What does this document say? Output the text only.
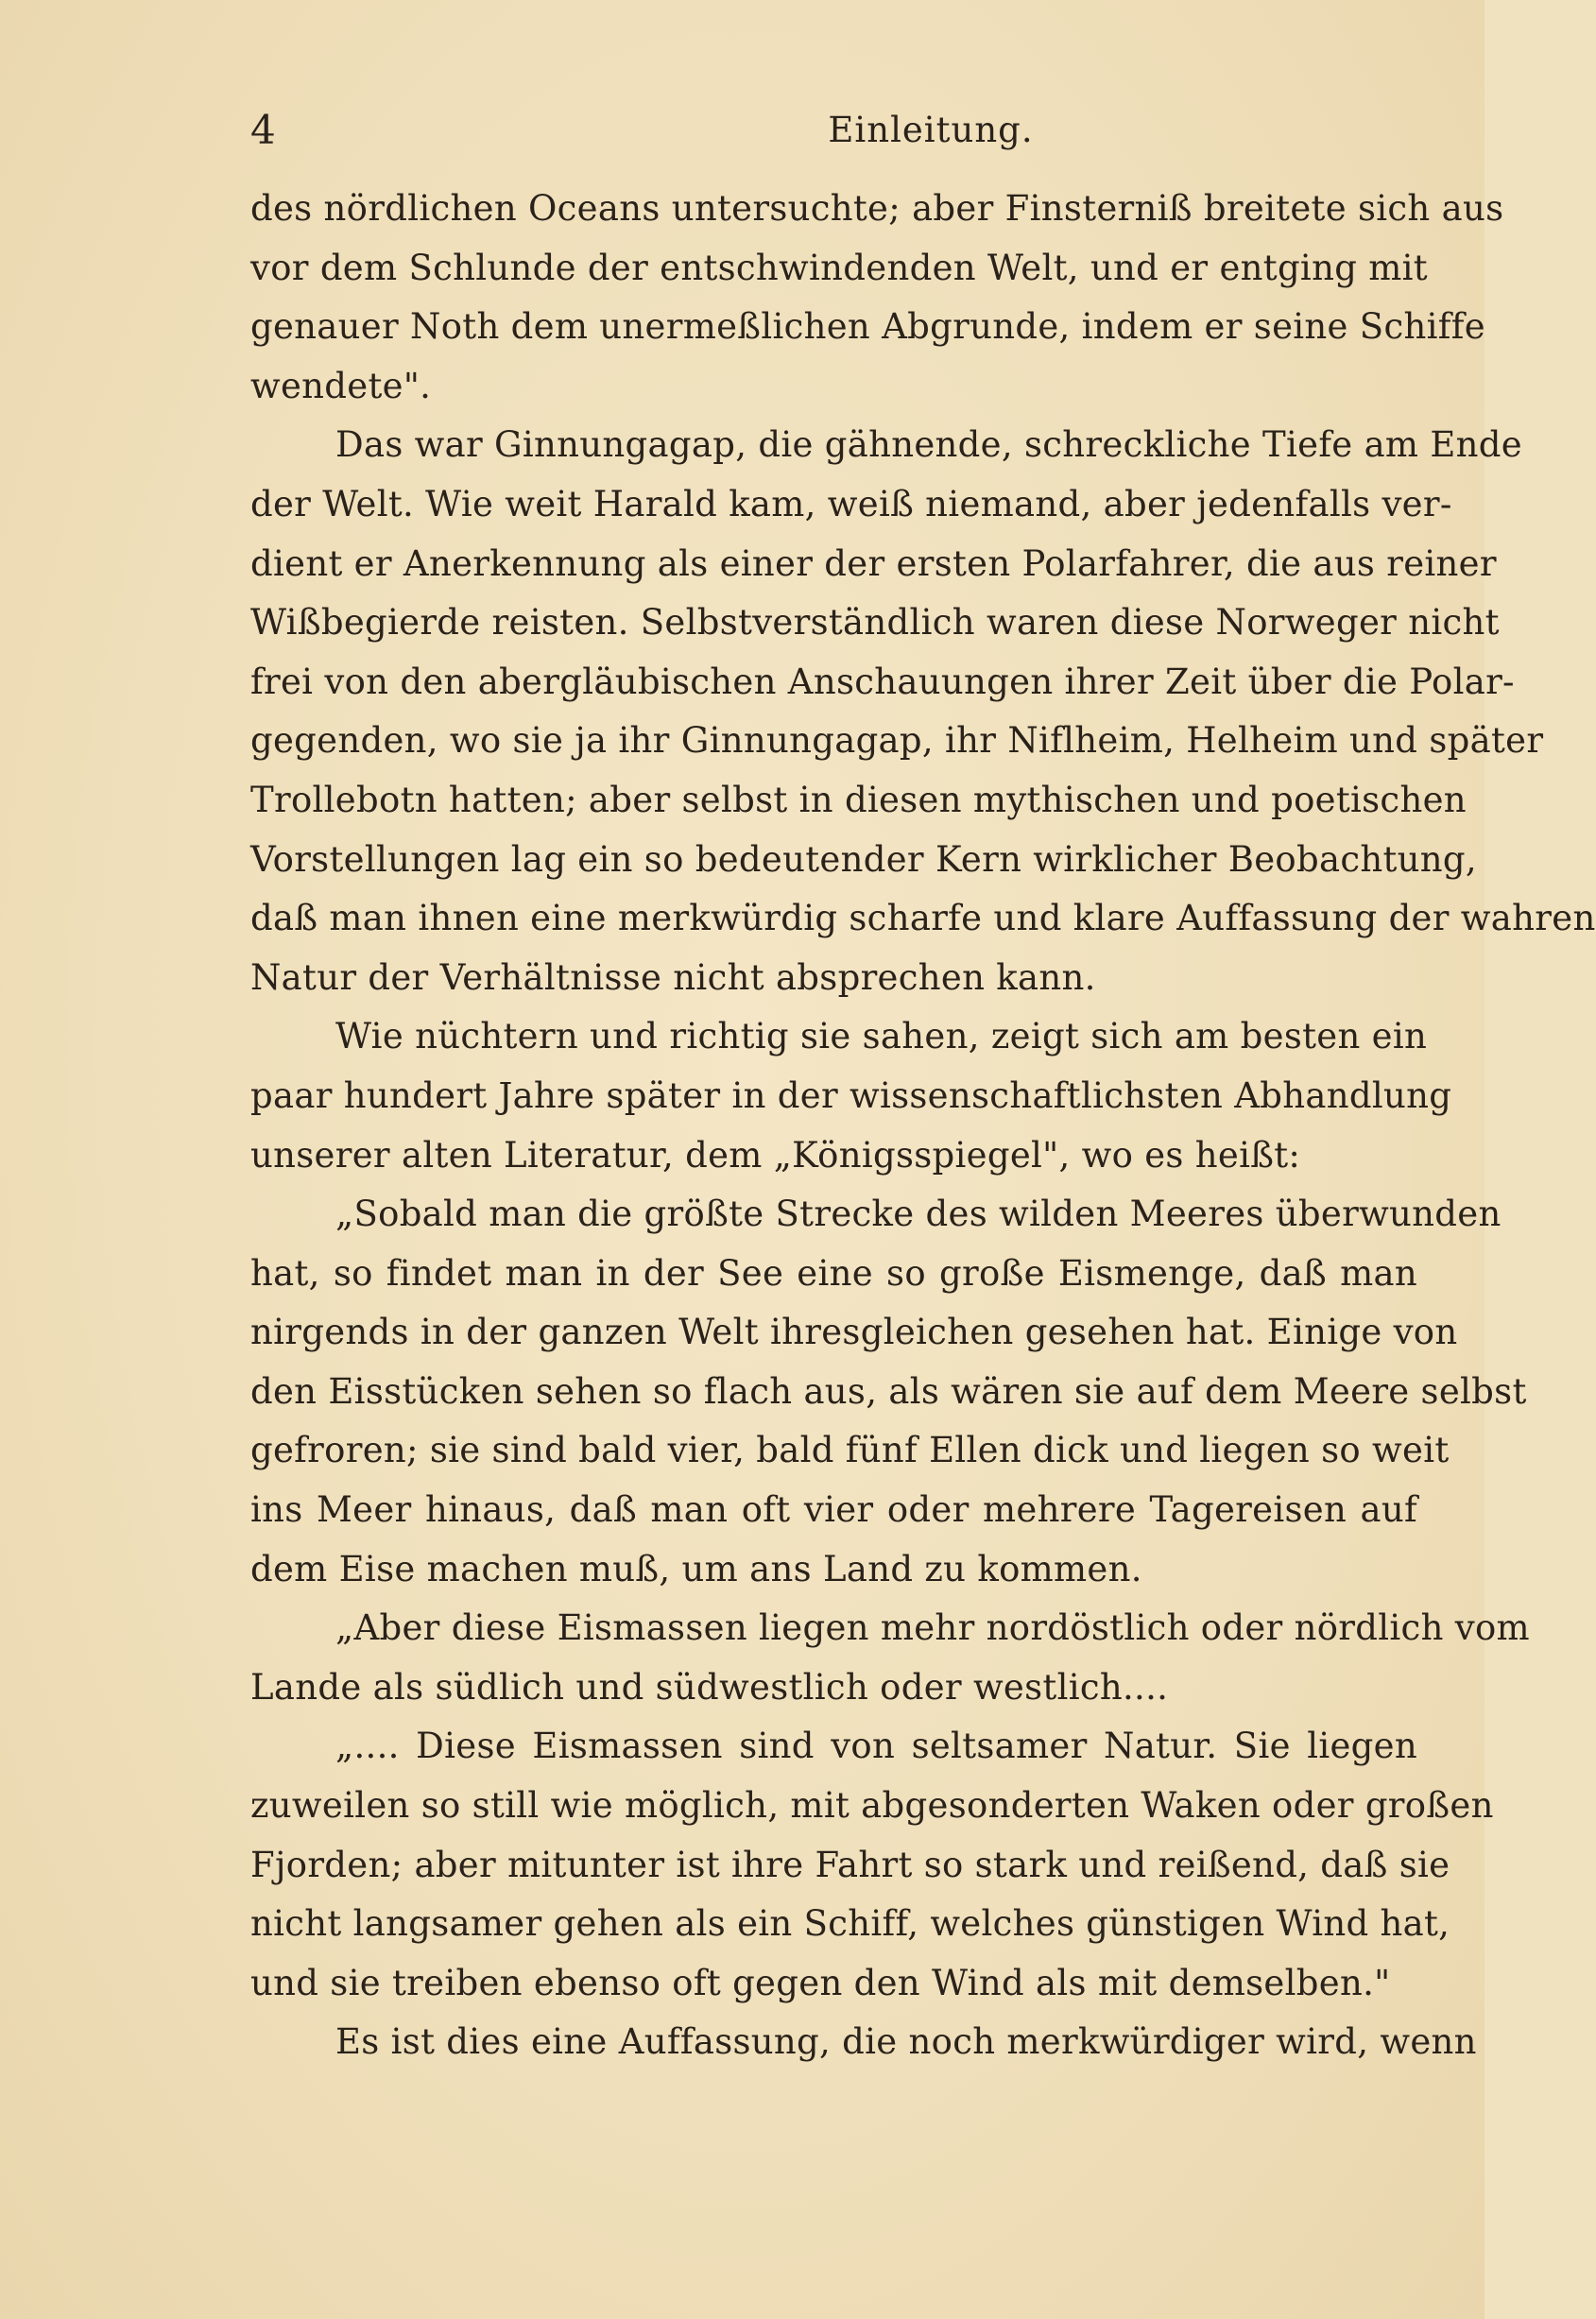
4	Einleitung.
des nördlichen Oceans untersuchte; aber Finsterniß breitete sich aus
vor dem Schlunde der entschwindenden Welt, und er entging mit
genauer Noth dem unermeßlichen Abgrunde, indem er seine Schiffe
wendete".
Das war Ginnungagap, die gähnende, schreckliche Tiefe am Ende
der Welt. Wie weit Harald kam, weiß niemand, aber jedenfalls ver-
dient er Anerkennung als einer der ersten Polarfahrer, die aus reiner
Wißbegierde reisten. Selbstverständlich waren diese Norweger nicht
frei von den abergläubischen Anschauungen ihrer Zeit über die Polar-
gegenden, wo sie ja ihr Ginnungagap, ihr Niflheim, Helheim und später
Trollebotn hatten; aber selbst in diesen mythischen und poetischen
Vorstellungen lag ein so bedeutender Kern wirklicher Beobachtung,
daß man ihnen eine merkwürdig scharfe und klare Auffassung der wahren
Natur der Verhältnisse nicht absprechen kann.
Wie nüchtern und richtig sie sahen, zeigt sich am besten ein
paar hundert Jahre später in der wissenschaftlichsten Abhandlung
unserer alten Literatur, dem „Königsspiegel", wo es heißt:
„Sobald man die größte Strecke des wilden Meeres überwunden
hat, so findet man in der See eine so große Eismenge, daß man
nirgends in der ganzen Welt ihresgleichen gesehen hat. Einige von
den Eisstücken sehen so flach aus, als wären sie auf dem Meere selbst
gefroren; sie sind bald vier, bald fünf Ellen dick und liegen so weit
ins Meer hinaus, daß man oft vier oder mehrere Tagereisen auf
dem Eise machen muß, um ans Land zu kommen.
„Aber diese Eismassen liegen mehr nordöstlich oder nördlich vom
Lande als südlich und südwestlich oder westlich....
„.... Diese Eismassen sind von seltsamer Natur. Sie liegen
zuweilen so still wie möglich, mit abgesonderten Waken oder großen
Fjorden; aber mitunter ist ihre Fahrt so stark und reißend, daß sie
nicht langsamer gehen als ein Schiff, welches günstigen Wind hat,
und sie treiben ebenso oft gegen den Wind als mit demselben."
Es ist dies eine Auffassung, die noch merkwürdiger wird, wenn
